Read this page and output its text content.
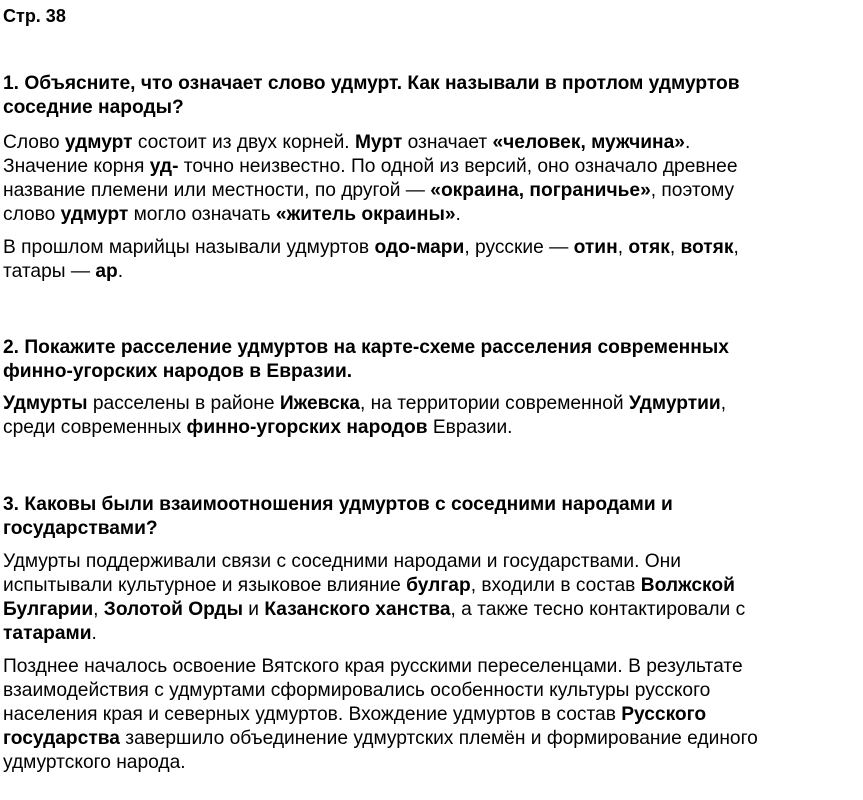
Стр. 38
1. Объясните, что означает слово удмурт. Как называли в протлом удмуртов
соседние народы?
Слово удмурт состоит из двух корней. Мурт означает «человек, мужчина».
Значение корня уд- точно неизвестно. По одной из версий, оно означало древнее
название племени или местности, по другой — «окраина, пограничье», поэтому
слово удмурт могло означать «житель окраины».
В прошлом марийцы называли удмуртов одо-мари, русские — отин, отяк, вотяк,
татары — ар.
2. Покажите расселение удмуртов на карте-схеме расселения современных
финно-угорских народов в Евразии.
Удмурты расселены в районе Ижевска, на территории современной Удмуртии,
среди современных финно-угорских народов Евразии.
3. Каковы были взаимоотношения удмуртов с соседними народами и
государствами?
Удмурты поддерживали связи с соседними народами и государствами. Они
испытывали культурное и языковое влияние булгар, входили в состав Волжской
Булгарии, Золотой Орды и Казанского ханства, а также тесно контактировали с
татарами.
Позднее началось освоение Вятского края русскими переселенцами. В результате
взаимодействия с удмуртами сформировались особенности культуры русского
населения края и северных удмуртов. Вхождение удмуртов в состав Русского
государства завершило объединение удмуртских племён и формирование единого
удмуртского народа.
